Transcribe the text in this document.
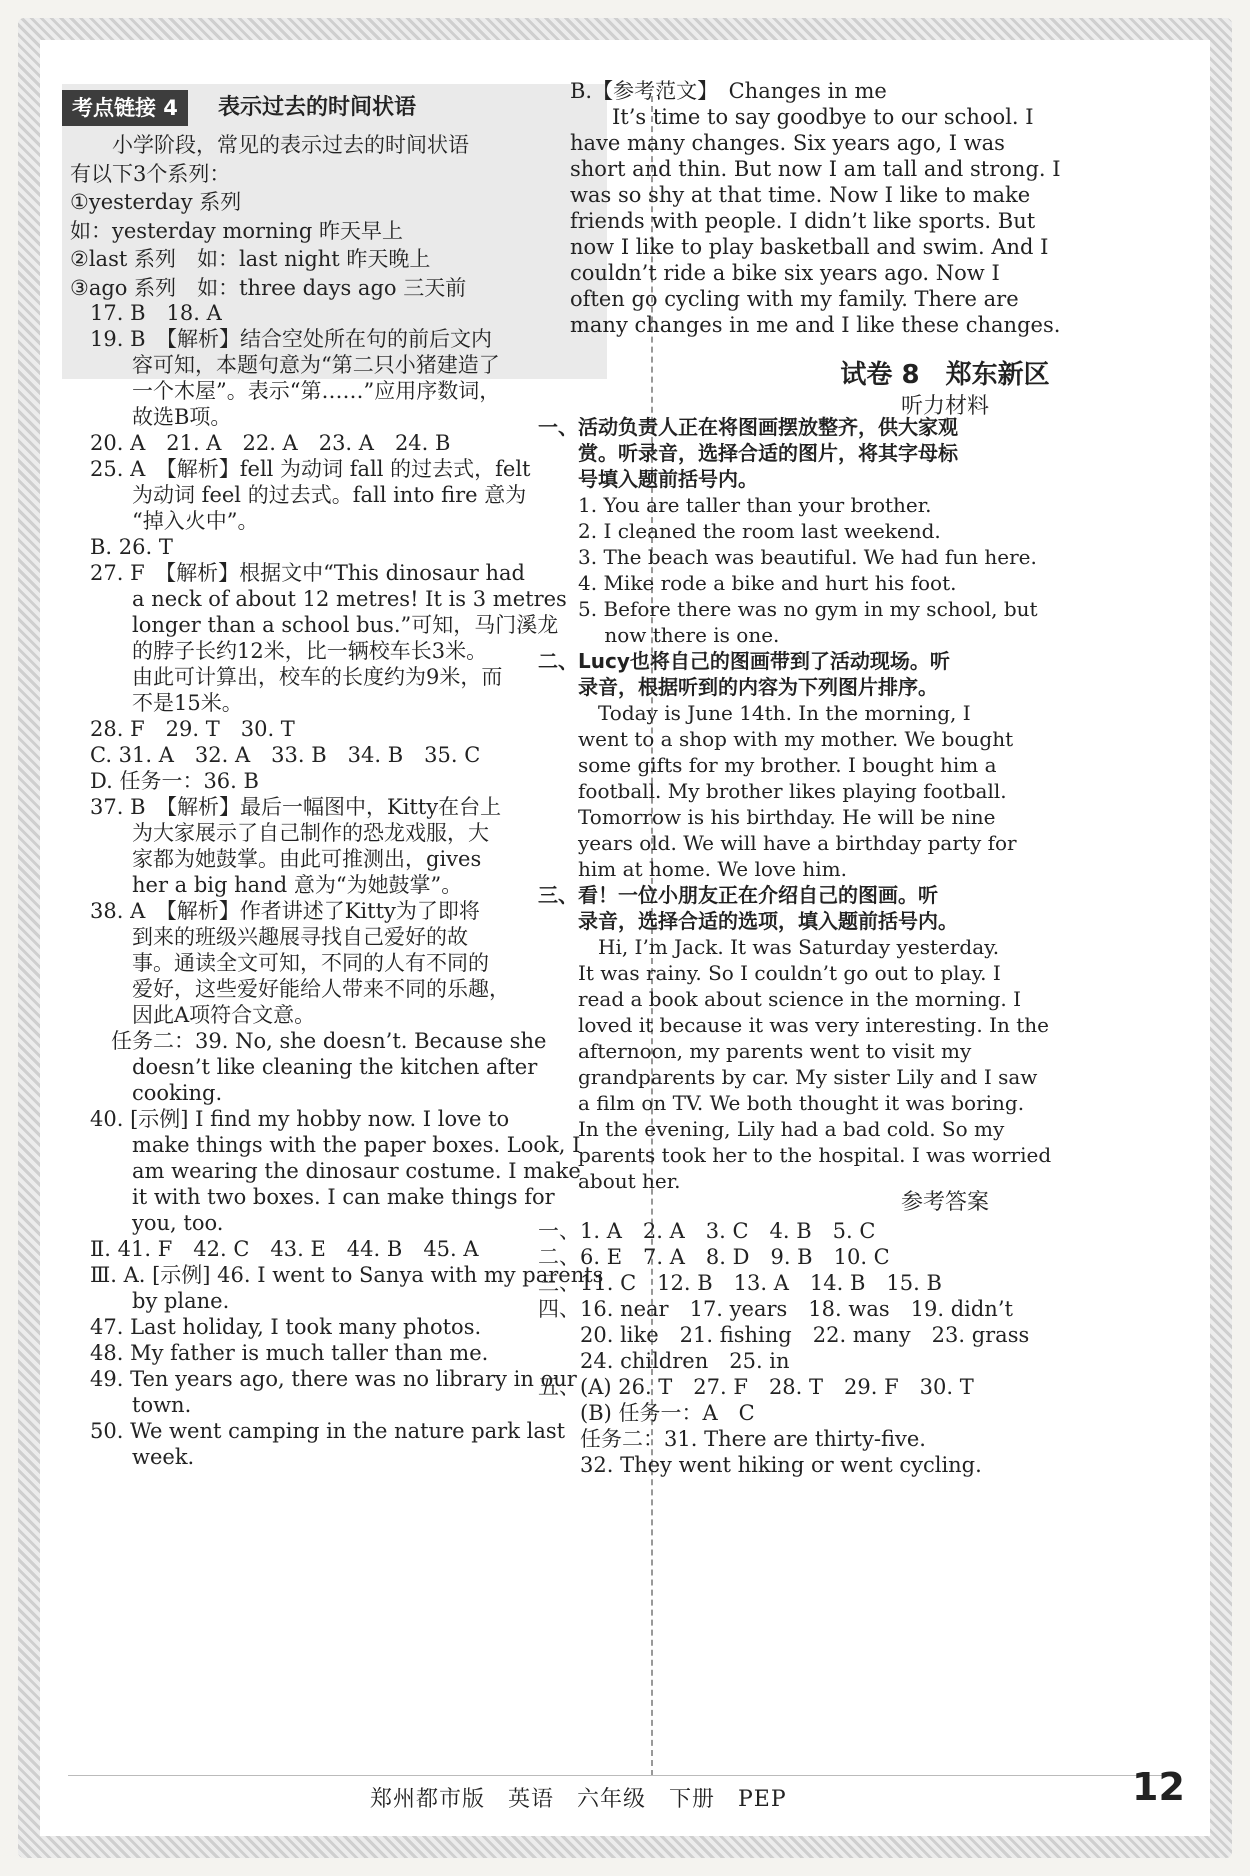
考点链接 4	表示过去的时间状语
　　小学阶段，常见的表示过去的时间状语
有以下3个系列：
①yesterday 系列
如：yesterday morning 昨天早上
②last 系列　如：last night 昨天晚上
③ago 系列　如：three days ago 三天前
17. B　18. A
19. B　【解析】结合空处所在句的前后文内
　　容可知，本题句意为“第二只小猪建造了
　　一个木屋”。表示“第……”应用序数词，
　　故选B项。
20. A　21. A　22. A　23. A　24. B
25. A　【解析】fell 为动词 fall 的过去式，felt
　　为动词 feel 的过去式。fall into fire 意为
　　“掉入火中”。
B. 26. T
27. F　【解析】根据文中“This dinosaur had
　　a neck of about 12 metres! It is 3 metres
　　longer than a school bus.”可知，马门溪龙
　　的脖子长约12米，比一辆校车长3米。
　　由此可计算出，校车的长度约为9米，而
　　不是15米。
28. F　29. T　30. T
C. 31. A　32. A　33. B　34. B　35. C
D. 任务一：36. B
37. B　【解析】最后一幅图中，Kitty在台上
　　为大家展示了自己制作的恐龙戏服，大
　　家都为她鼓掌。由此可推测出，gives
　　her a big hand 意为“为她鼓掌”。
38. A　【解析】作者讲述了Kitty为了即将
　　到来的班级兴趣展寻找自己爱好的故
　　事。通读全文可知，不同的人有不同的
　　爱好，这些爱好能给人带来不同的乐趣，
　　因此A项符合文意。
　任务二：39. No, she doesn’t. Because she
　　doesn’t like cleaning the kitchen after
　　cooking.
40. [示例] I find my hobby now. I love to
　　make things with the paper boxes. Look, I
　　am wearing the dinosaur costume. I make
　　it with two boxes. I can make things for
　　you, too.
Ⅱ. 41. F　42. C　43. E　44. B　45. A
Ⅲ. A. [示例] 46. I went to Sanya with my parents
　　by plane.
47. Last holiday, I took many photos.
48. My father is much taller than me.
49. Ten years ago, there was no library in our
　　town.
50. We went camping in the nature park last
　　week.
B.【参考范文】　Changes in me
　　It’s time to say goodbye to our school. I
have many changes. Six years ago, I was
short and thin. But now I am tall and strong. I
was so shy at that time. Now I like to make
friends with people. I didn’t like sports. But
now I like to play basketball and swim. And I
couldn’t ride a bike six years ago. Now I
often go cycling with my family. There are
many changes in me and I like these changes.
试卷 8　郑东新区
听力材料
一、活动负责人正在将图画摆放整齐，供大家观
　　赏。听录音，选择合适的图片，将其字母标
　　号填入题前括号内。
　　1. You are taller than your brother.
　　2. I cleaned the room last weekend.
　　3. The beach was beautiful. We had fun here.
　　4. Mike rode a bike and hurt his foot.
　　5. Before there was no gym in my school, but
　　　 now there is one.
二、Lucy也将自己的图画带到了活动现场。听
　　录音，根据听到的内容为下列图片排序。
　　　Today is June 14th. In the morning, I
　　went to a shop with my mother. We bought
　　some gifts for my brother. I bought him a
　　football. My brother likes playing football.
　　Tomorrow is his birthday. He will be nine
　　years old. We will have a birthday party for
　　him at home. We love him.
三、看！一位小朋友正在介绍自己的图画。听
　　录音，选择合适的选项，填入题前括号内。
　　　Hi, I’m Jack. It was Saturday yesterday.
　　It was rainy. So I couldn’t go out to play. I
　　read a book about science in the morning. I
　　loved it because it was very interesting. In the
　　afternoon, my parents went to visit my
　　grandparents by car. My sister Lily and I saw
　　a film on TV. We both thought it was boring.
　　In the evening, Lily had a bad cold. So my
　　parents took her to the hospital. I was worried
　　about her.
参考答案
一、1. A　2. A　3. C　4. B　5. C
二、6. E　7. A　8. D　9. B　10. C
三、11. C　12. B　13. A　14. B　15. B
四、16. near　17. years　18. was　19. didn’t
　　20. like　21. fishing　22. many　23. grass
　　24. children　25. in
五、(A) 26. T　27. F　28. T　29. F　30. T
　　(B) 任务一：A　C
　　任务二：31. There are thirty-five.
　　32. They went hiking or went cycling.
郑州都市版　英语　六年级　下册　PEP	12
